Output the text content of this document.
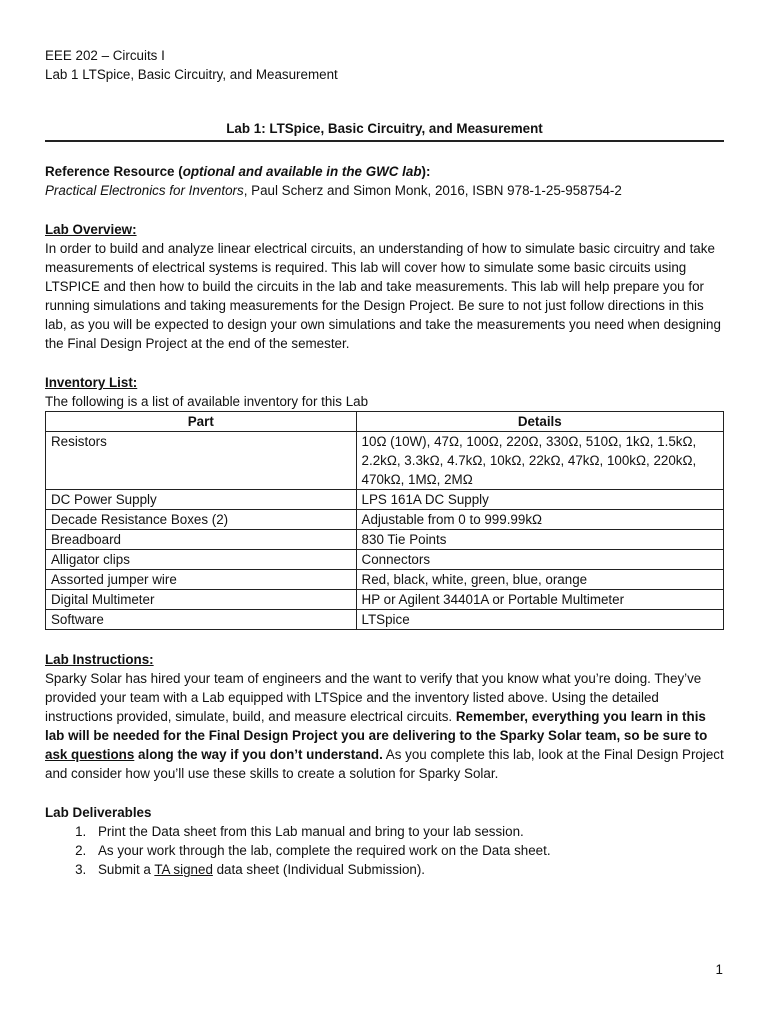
EEE 202 – Circuits I
Lab 1 LTSpice, Basic Circuitry, and Measurement
Lab 1: LTSpice, Basic Circuitry, and Measurement
Reference Resource (optional and available in the GWC lab):
Practical Electronics for Inventors, Paul Scherz and Simon Monk, 2016, ISBN 978-1-25-958754-2
Lab Overview:

In order to build and analyze linear electrical circuits, an understanding of how to simulate basic circuitry and take measurements of electrical systems is required. This lab will cover how to simulate some basic circuits using LTSPICE and then how to build the circuits in the lab and take measurements. This lab will help prepare you for running simulations and taking measurements for the Design Project. Be sure to not just follow directions in this lab, as you will be expected to design your own simulations and take the measurements you need when designing the Final Design Project at the end of the semester.

Inventory List:
The following is a list of available inventory for this Lab
Part	Details
Resistors	10Ω (10W), 47Ω, 100Ω, 220Ω, 330Ω, 510Ω, 1kΩ, 1.5kΩ, 2.2kΩ, 3.3kΩ, 4.7kΩ, 10kΩ, 22kΩ, 47kΩ, 100kΩ, 220kΩ, 470kΩ, 1MΩ, 2MΩ
DC Power Supply	LPS 161A DC Supply
Decade Resistance Boxes (2)	Adjustable from 0 to 999.99kΩ
Breadboard	830 Tie Points
Alligator clips	Connectors
Assorted jumper wire	Red, black, white, green, blue, orange
Digital Multimeter	HP or Agilent 34401A or Portable Multimeter
Software	LTSpice
Lab Instructions:

Sparky Solar has hired your team of engineers and the want to verify that you know what you’re doing. They’ve provided your team with a Lab equipped with LTSpice and the inventory listed above. Using the detailed instructions provided, simulate, build, and measure electrical circuits. Remember, everything you learn in this lab will be needed for the Final Design Project you are delivering to the Sparky Solar team, so be sure to ask questions along the way if you don’t understand. As you complete this lab, look at the Final Design Project and consider how you’ll use these skills to create a solution for Sparky Solar.

Lab Deliverables
1. Print the Data sheet from this Lab manual and bring to your lab session.
2. As your work through the lab, complete the required work on the Data sheet.
3. Submit a TA signed data sheet (Individual Submission).
1
